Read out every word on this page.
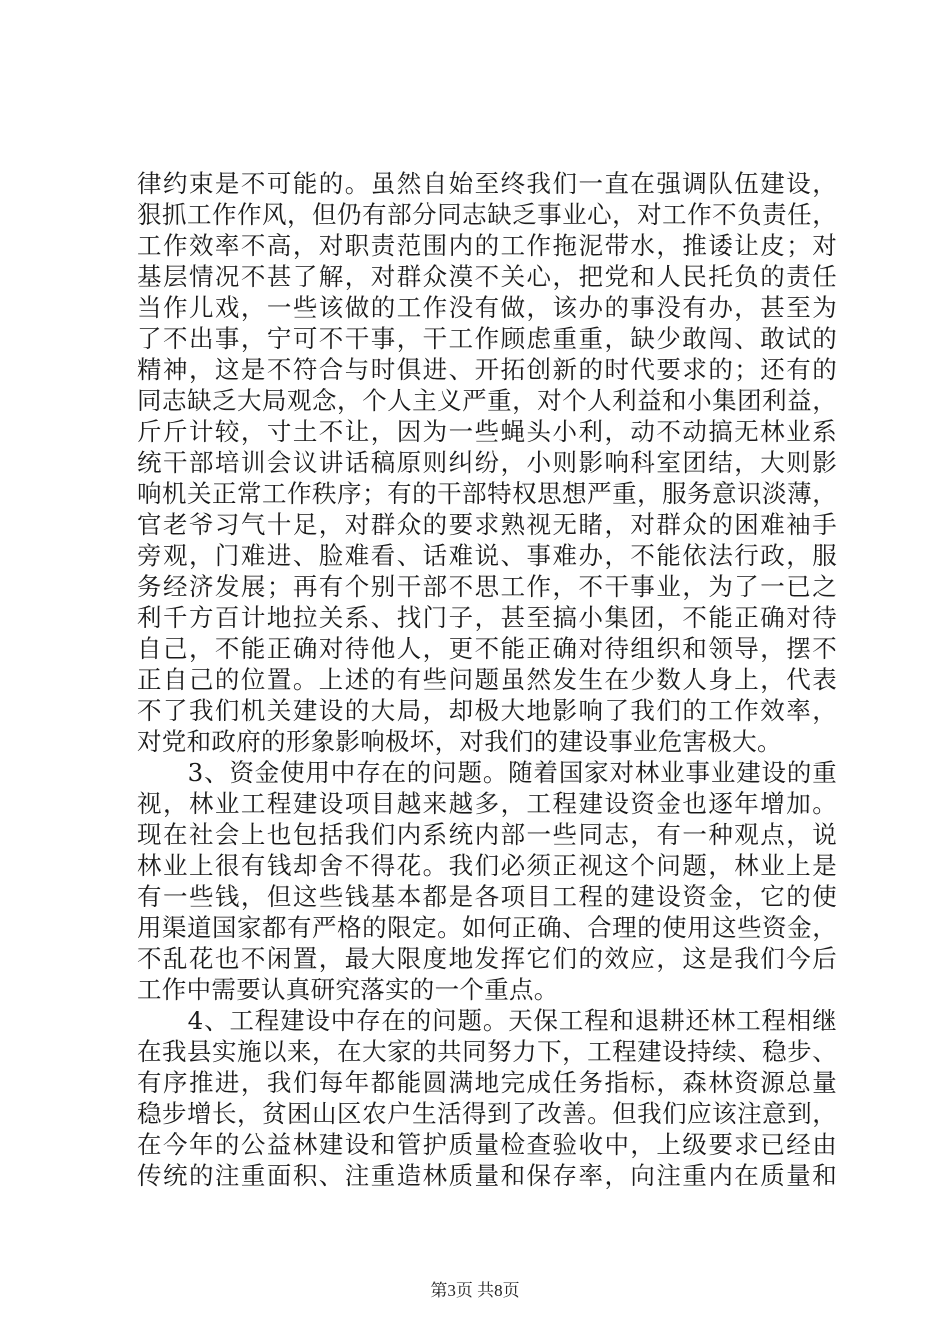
律约束是不可能的。虽然自始至终我们一直在强调队伍建设，
狠抓工作作风，但仍有部分同志缺乏事业心，对工作不负责任，
工作效率不高，对职责范围内的工作拖泥带水，推诿让皮；对
基层情况不甚了解，对群众漠不关心，把党和人民托负的责任
当作儿戏，一些该做的工作没有做，该办的事没有办，甚至为
了不出事，宁可不干事，干工作顾虑重重，缺少敢闯、敢试的
精神，这是不符合与时俱进、开拓创新的时代要求的；还有的
同志缺乏大局观念，个人主义严重，对个人利益和小集团利益，
斤斤计较，寸土不让，因为一些蝇头小利，动不动搞无林业系
统干部培训会议讲话稿原则纠纷，小则影响科室团结，大则影
响机关正常工作秩序；有的干部特权思想严重，服务意识淡薄，
官老爷习气十足，对群众的要求熟视无睹，对群众的困难袖手
旁观，门难进、脸难看、话难说、事难办，不能依法行政，服
务经济发展；再有个别干部不思工作，不干事业，为了一已之
利千方百计地拉关系、找门子，甚至搞小集团，不能正确对待
自己，不能正确对待他人，更不能正确对待组织和领导，摆不
正自己的位置。上述的有些问题虽然发生在少数人身上，代表
不了我们机关建设的大局，却极大地影响了我们的工作效率，
对党和政府的形象影响极坏，对我们的建设事业危害极大。
　　3、资金使用中存在的问题。随着国家对林业事业建设的重
视，林业工程建设项目越来越多，工程建设资金也逐年增加。
现在社会上也包括我们内系统内部一些同志，有一种观点，说
林业上很有钱却舍不得花。我们必须正视这个问题，林业上是
有一些钱，但这些钱基本都是各项目工程的建设资金，它的使
用渠道国家都有严格的限定。如何正确、合理的使用这些资金，
不乱花也不闲置，最大限度地发挥它们的效应，这是我们今后
工作中需要认真研究落实的一个重点。
　　4、工程建设中存在的问题。天保工程和退耕还林工程相继
在我县实施以来，在大家的共同努力下，工程建设持续、稳步、
有序推进，我们每年都能圆满地完成任务指标，森林资源总量
稳步增长，贫困山区农户生活得到了改善。但我们应该注意到，
在今年的公益林建设和管护质量检查验收中，上级要求已经由
传统的注重面积、注重造林质量和保存率，向注重内在质量和
第3页 共8页
